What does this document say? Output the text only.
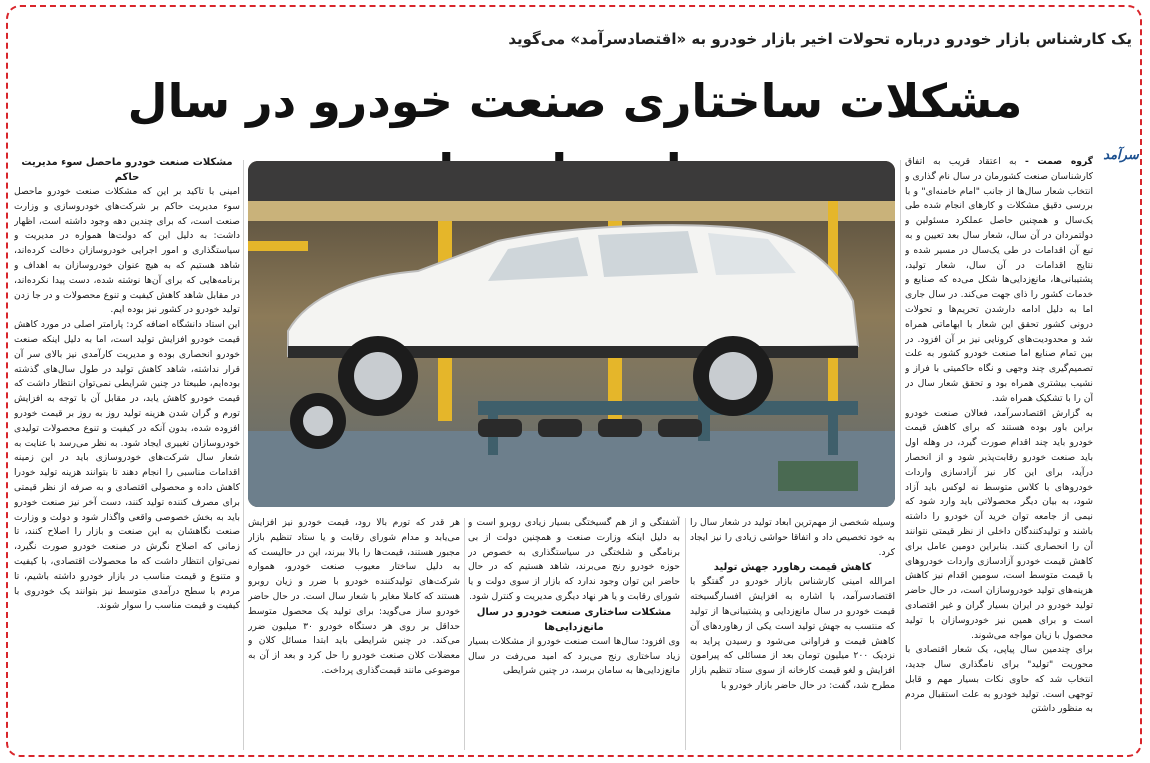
یک کارشناس بازار خودرو درباره تحولات اخیر بازار خودرو به «اقتصادسرآمد» می‌گوید
مشکلات ساختاری صنعت خودرو در سال
سرآمد

گروه صمت - به اعتقاد قریب به اتفاق کارشناسان صنعت کشورمان در سال نام گذاری و انتخاب شعار سال‌ها از جانب "امام خامنه‌ای" و با بررسی دقیق مشکلات و کارهای انجام شده طی یک‌سال و همچنین حاصل عملکرد مسئولین و دولتمردان در آن سال، شعار سال بعد تعیین و به تبع آن اقدامات در طی یک‌سال در مسیر شده و نتایج اقدامات در آن سال، شعار تولید، پشتیبانی‌ها، مانع‌زدایی‌ها شکل می‌ده که صنایع و خدمات کشور را ذای جهت می‌کند. در سال جاری اما به دلیل ادامه دارشدن تحریم‌ها و تحولات درونی کشور تحقق این شعار با ابهاماتی همراه شد و محدودیت‌های کرونایی نیز بر آن افزود. در بین تمام صنایع اما صنعت خودرو کشور به علت تصمیم‌گیری چند وجهی و نگاه حاکمیتی با فراز و نشیب بیشتری همراه بود و تحقق شعار سال در آن را با تشکیک همراه شد.

به گزارش اقتصادسرآمد، فعالان صنعت خودرو براین باور بوده هستند که برای کاهش قیمت خودرو باید چند اقدام صورت گیرد، در وهله اول باید صنعت خودرو رقابت‌پذیر شود و از انحصار درآید، برای این کار نیز آزادسازی واردات خودروهای با کلاس متوسط نه لوکس باید آزاد شود، به بیان دیگر محصولاتی باید وارد شود که نیمی از جامعه توان خرید آن خودرو را داشته باشند و تولیدکنندگان داخلی از نظر قیمتی نتوانند آن را انحصاری کنند. بنابراین دومین عامل برای کاهش قیمت خودرو آزادسازی واردات خودروهای با قیمت متوسط است، سومین اقدام نیز کاهش هزینه‌های تولید خودروسازان است، در حال حاضر تولید خودرو در ایران بسیار گران و غیر اقتصادی است و برای همین نیز خودروسازان با تولید محصول با زیان مواجه می‌شوند.

برای چندمین سال پیاپی، یک شعار اقتصادی با محوریت "تولید" برای نامگذاری سال جدید، انتخاب شد که حاوی نکات بسیار مهم و قابل توجهی است. تولید خودرو به علت استقبال مردم به منظور داشتن

وسیله شخصی از مهم‌ترین ابعاد تولید در شعار سال را به خود تخصیص داد و اتفاقا حواشی زیادی را نیز ایجاد کرد.

کاهش قیمت رهاورد جهش تولید

امرالله امینی کارشناس بازار خودرو در گفتگو با اقتصادسرآمد، با اشاره به افزایش افسارگسیخته قیمت خودرو در سال مانع‌زدایی و پشتیبانی‌ها از تولید که منتسب به جهش تولید است یکی از رهاوردهای آن کاهش قیمت و فراوانی می‌شود و رسیدن پراید به نزدیک ۲۰۰ میلیون تومان بعد از مسائلی که پیرامون افزایش و لغو قیمت کارخانه از سوی ستاد تنظیم بازار مطرح شد، گفت: در حال حاضر بازار خودرو با

آشفتگی و از هم گسیختگی بسیار زیادی روبرو است و به دلیل اینکه وزارت صنعت و همچنین دولت از بی برنامگی و شلختگی در سیاستگذاری به خصوص در حوزه خودرو رنج می‌برند، شاهد هستیم که در حال حاضر این توان وجود ندارد که بازار از سوی دولت و یا شورای رقابت و یا هر نهاد دیگری مدیریت و کنترل شود.

مشکلات ساختاری صنعت خودرو در سال مانع‌زدایی‌ها

وی افزود: سال‌ها است صنعت خودرو از مشکلات بسیار زیاد ساختاری رنج می‌برد که امید می‌رفت در سال مانع‌زدایی‌ها به سامان برسد، در چنین شرایطی

هر قدر که تورم بالا رود، قیمت خودرو نیز افزایش می‌یابد و مدام شورای رقابت و یا ستاد تنظیم بازار مجبور هستند، قیمت‌ها را بالا ببرند، این در حالیست که به دلیل ساختار معیوب صنعت خودرو، همواره شرکت‌های تولیدکننده خودرو با ضرر و زیان روبرو هستند که کاملا مغایر با شعار سال است. در حال حاضر خودرو ساز می‌گوید: برای تولید یک محصول متوسط حداقل بر روی هر دستگاه خودرو ۳۰ میلیون ضرر می‌کند. در چنین شرایطی باید ابتدا مسائل کلان و معضلات کلان صنعت خودرو را حل کرد و بعد از آن به موضوعی مانند قیمت‌گذاری پرداخت.

مشکلات صنعت خودرو ماحصل سوء مدیریت حاکم

امینی با تاکید بر این که مشکلات صنعت خودرو ماحصل سوء مدیریت حاکم بر شرکت‌های خودروسازی و وزارت صنعت است، که برای چندین دهه وجود داشته است، اظهار داشت: به دلیل این که دولت‌ها همواره در مدیریت و سیاستگذاری و امور اجرایی خودروسازان دخالت کرده‌اند، شاهد هستیم که به هیچ عنوان خودروسازان به اهداف و برنامه‌هایی که برای آن‌ها نوشته شده، دست پیدا نکرده‌اند، در مقابل شاهد کاهش کیفیت و تنوع محصولات و در جا زدن تولید خودرو در کشور نیز بوده ایم.

این استاد دانشگاه اضافه کرد: پارامتر اصلی در مورد کاهش قیمت خودرو افزایش تولید است، اما به دلیل اینکه صنعت خودرو انحصاری بوده و مدیریت کارآمدی نیز بالای سر آن قرار نداشته، شاهد کاهش تولید در طول سال‌های گذشته بوده‌ایم، طبیعتا در چنین شرایطی نمی‌توان انتظار داشت که قیمت خودرو کاهش یابد، در مقابل آن با توجه به افزایش تورم و گران شدن هزینه تولید روز به روز بر قیمت خودرو افزوده شده، بدون آنکه در کیفیت و تنوع محصولات تولیدی خودروسازان تغییری ایجاد شود. به نظر می‌رسد با عنایت به شعار سال شرکت‌های خودروسازی باید در این زمینه اقدامات مناسبی را انجام دهند تا بتوانند هزینه تولید خودرا کاهش داده و محصولی اقتصادی و به صرفه از نظر قیمتی برای مصرف کننده تولید کنند، دست آخر نیز صنعت خودرو باید به بخش خصوصی واقعی واگذار شود و دولت و وزارت صنعت نگاهشان به این صنعت و بازار را اصلاح کنند، تا زمانی که اصلاح نگرش در صنعت خودرو صورت نگیرد، نمی‌توان انتظار داشت که ما محصولات اقتصادی، با کیفیت و متنوع و قیمت مناسب در بازار خودرو داشته باشیم، تا مردم با سطح درآمدی متوسط نیز بتوانند یک خودروی با کیفیت و قیمت مناسب را سوار شوند.
